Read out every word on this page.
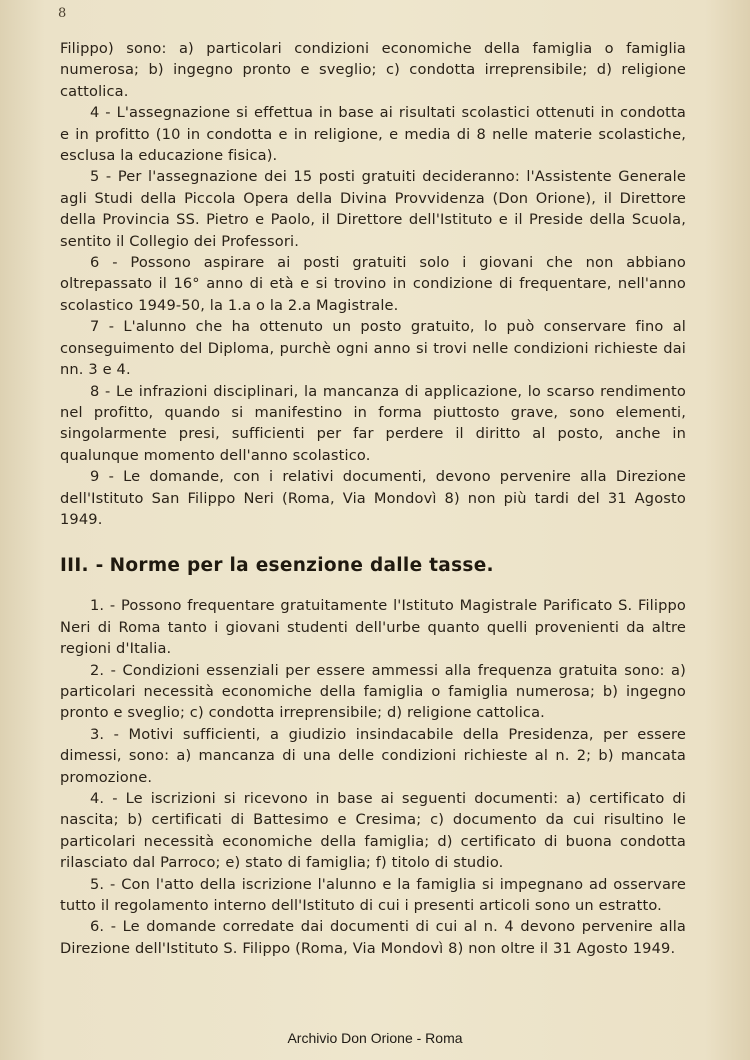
8

Filippo) sono: a) particolari condizioni economiche della famiglia o famiglia numerosa; b) ingegno pronto e sveglio; c) condotta irreprensibile; d) religione cattolica.

4 - L'assegnazione si effettua in base ai risultati scolastici ottenuti in condotta e in profitto (10 in condotta e in religione, e media di 8 nelle materie scolastiche, esclusa la educazione fisica).

5 - Per l'assegnazione dei 15 posti gratuiti decideranno: l'Assistente Generale agli Studi della Piccola Opera della Divina Provvidenza (Don Orione), il Direttore della Provincia SS. Pietro e Paolo, il Direttore dell'Istituto e il Preside della Scuola, sentito il Collegio dei Professori.

6 - Possono aspirare ai posti gratuiti solo i giovani che non abbiano oltrepassato il 16° anno di età e si trovino in condizione di frequentare, nell'anno scolastico 1949-50, la 1.a o la 2.a Magistrale.

7 - L'alunno che ha ottenuto un posto gratuito, lo può conservare fino al conseguimento del Diploma, purchè ogni anno si trovi nelle condizioni richieste dai nn. 3 e 4.

8 - Le infrazioni disciplinari, la mancanza di applicazione, lo scarso rendimento nel profitto, quando si manifestino in forma piuttosto grave, sono elementi, singolarmente presi, sufficienti per far perdere il diritto al posto, anche in qualunque momento dell'anno scolastico.

9 - Le domande, con i relativi documenti, devono pervenire alla Direzione dell'Istituto San Filippo Neri (Roma, Via Mondovì 8) non più tardi del 31 Agosto 1949.

III. - Norme per la esenzione dalle tasse.

1. - Possono frequentare gratuitamente l'Istituto Magistrale Parificato S. Filippo Neri di Roma tanto i giovani studenti dell'urbe quanto quelli provenienti da altre regioni d'Italia.

2. - Condizioni essenziali per essere ammessi alla frequenza gratuita sono: a) particolari necessità economiche della famiglia o famiglia numerosa; b) ingegno pronto e sveglio; c) condotta irreprensibile; d) religione cattolica.

3. - Motivi sufficienti, a giudizio insindacabile della Presidenza, per essere dimessi, sono: a) mancanza di una delle condizioni richieste al n. 2; b) mancata promozione.

4. - Le iscrizioni si ricevono in base ai seguenti documenti: a) certificato di nascita; b) certificati di Battesimo e Cresima; c) documento da cui risultino le particolari necessità economiche della famiglia; d) certificato di buona condotta rilasciato dal Parroco; e) stato di famiglia; f) titolo di studio.

5. - Con l'atto della iscrizione l'alunno e la famiglia si impegnano ad osservare tutto il regolamento interno dell'Istituto di cui i presenti articoli sono un estratto.

6. - Le domande corredate dai documenti di cui al n. 4 devono pervenire alla Direzione dell'Istituto S. Filippo (Roma, Via Mondovì 8) non oltre il 31 Agosto 1949.

Archivio Don Orione - Roma
